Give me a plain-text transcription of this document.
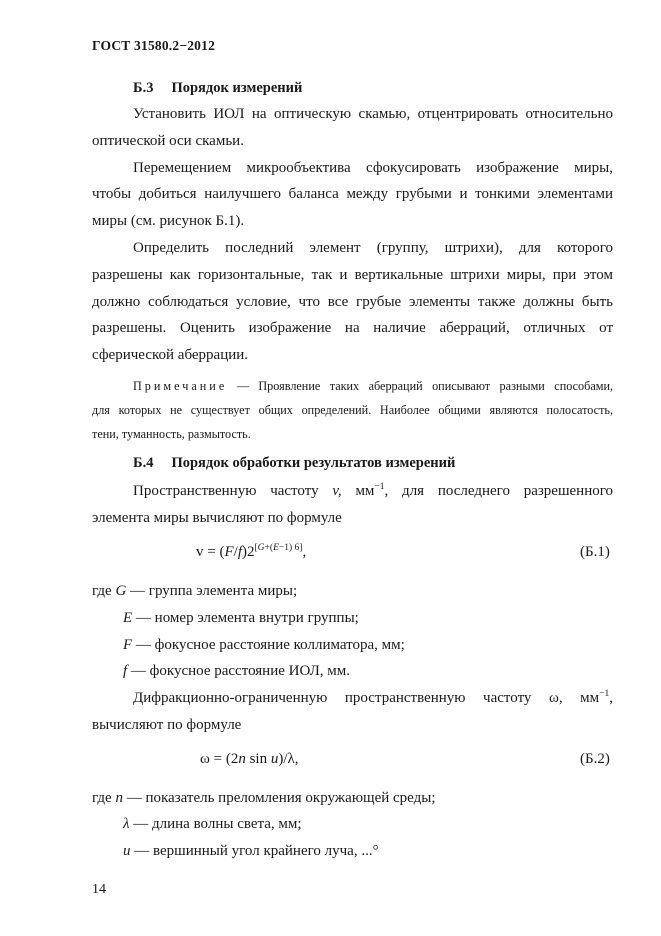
ГОСТ 31580.2−2012
Б.3 Порядок измерений
Установить ИОЛ на оптическую скамью, отцентрировать относительно
оптической оси скамьи.
Перемещением микрообъектива сфокусировать изображение миры,
чтобы добиться наилучшего баланса между грубыми и тонкими элементами
миры (см. рисунок Б.1).
Определить последний элемент (группу, штрихи), для которого
разрешены как горизонтальные, так и вертикальные штрихи миры, при этом
должно соблюдаться условие, что все грубые элементы также должны быть
разрешены. Оценить изображение на наличие аберраций, отличных от
сферической аберрации.
Примечание — Проявление таких аберраций описывают разными способами,
для которых не существует общих определений. Наиболее общими являются полосатость,
тени, туманность, размытость.
Б.4 Порядок обработки результатов измерений
Пространственную частоту v, $мм^{-1}$, для последнего разрешенного
элемента миры вычисляют по формуле
v = (F/f)2[G+(E−1) 6],	(Б.1)
где G — группа элемента миры;
E — номер элемента внутри группы;
F — фокусное расстояние коллиматора, мм;
f — фокусное расстояние ИОЛ, мм.
Дифракционно-ограниченную пространственную частоту ω, $мм^{-1}$,
вычисляют по формуле
ω = (2n sin u)/λ,	(Б.2)
где n — показатель преломления окружающей среды;
λ — длина волны света, мм;
u — вершинный угол крайнего луча, ...°
14
